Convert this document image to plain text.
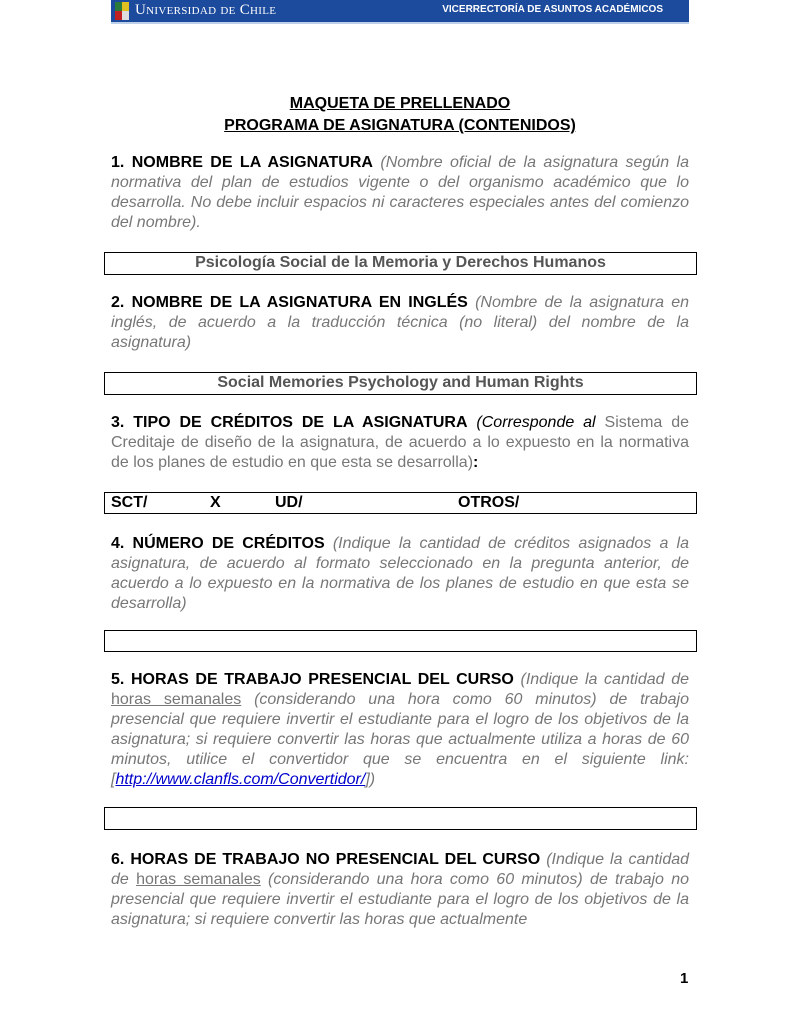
Universidad de Chile	VICERRECTORÍA DE ASUNTOS ACADÉMICOS
MAQUETA DE PRELLENADO
PROGRAMA DE ASIGNATURA (CONTENIDOS)
1. NOMBRE DE LA ASIGNATURA (Nombre oficial de la asignatura según la normativa del plan de estudios vigente o del organismo académico que lo desarrolla. No debe incluir espacios ni caracteres especiales antes del comienzo del nombre).
Psicología Social de la Memoria y Derechos Humanos
2. NOMBRE DE LA ASIGNATURA EN INGLÉS (Nombre de la asignatura en inglés, de acuerdo a la traducción técnica (no literal) del nombre de la asignatura)
Social Memories Psychology and Human Rights
3. TIPO DE CRÉDITOS DE LA ASIGNATURA (Corresponde al Sistema de Creditaje de diseño de la asignatura, de acuerdo a lo expuesto en la normativa de los planes de estudio en que esta se desarrolla):
SCT/	X	UD/	OTROS/
4. NÚMERO DE CRÉDITOS (Indique la cantidad de créditos asignados a la asignatura, de acuerdo al formato seleccionado en la pregunta anterior, de acuerdo a lo expuesto en la normativa de los planes de estudio en que esta se desarrolla)
5. HORAS DE TRABAJO PRESENCIAL DEL CURSO (Indique la cantidad de horas semanales (considerando una hora como 60 minutos) de trabajo presencial que requiere invertir el estudiante para el logro de los objetivos de la asignatura; si requiere convertir las horas que actualmente utiliza a horas de 60 minutos, utilice el convertidor que se encuentra en el siguiente link: [http://www.clanfls.com/Convertidor/])
6. HORAS DE TRABAJO NO PRESENCIAL DEL CURSO (Indique la cantidad de horas semanales (considerando una hora como 60 minutos) de trabajo no presencial que requiere invertir el estudiante para el logro de los objetivos de la asignatura; si requiere convertir las horas que actualmente
1
